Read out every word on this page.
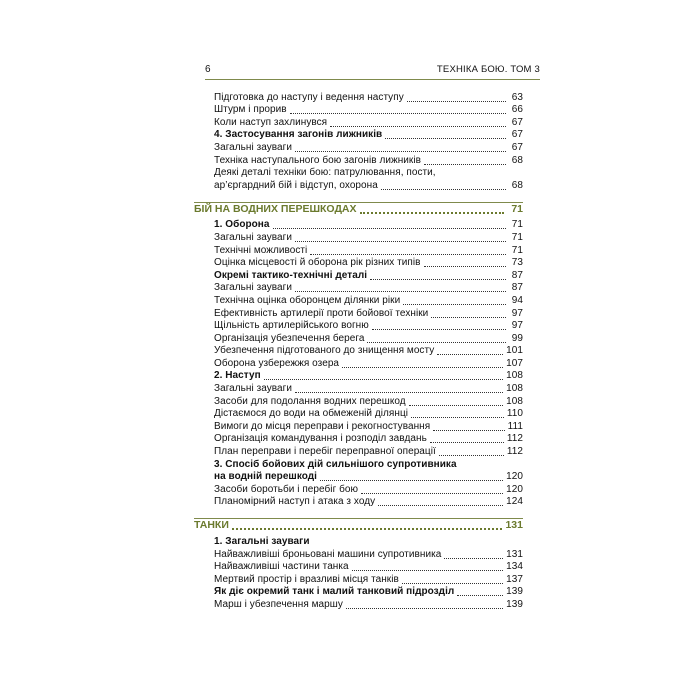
6	ТЕХНІКА БОЮ. ТОМ 3
Підготовка до наступу і ведення наступу	63
Штурм і прорив	66
Коли наступ захлинувся	67
4. Застосування загонів лижників	67
Загальні зауваги	67
Техніка наступального бою загонів лижників	68
Деякі деталі техніки бою: патрулювання, пости,
ар’єргардний бій і відступ, охорона	68
БІЙ НА ВОДНИХ ПЕРЕШКОДАХ	71
1. Оборона	71
Загальні зауваги	71
Технічні можливості	71
Оцінка місцевості й оборона рік різних типів	73
Окремі тактико-технічні деталі	87
Загальні зауваги	87
Технічна оцінка оборонцем ділянки ріки	94
Ефективність артилерії проти бойової техніки	97
Щільність артилерійського вогню	97
Організація убезпечення берега	99
Убезпечення підготованого до знищення мосту	101
Оборона узбережжя озера	107
2. Наступ	108
Загальні зауваги	108
Засоби для подолання водних перешкод	108
Дістаємося до води на обмеженій ділянці	110
Вимоги до місця переправи і рекогностування	111
Організація командування і розподіл завдань	112
План переправи і перебіг переправної операції	112
3. Спосіб бойових дій сильнішого супротивника
на водній перешкоді	120
Засоби боротьби і перебіг бою	120
Планомірний наступ і атака з ходу	124
ТАНКИ	131
1. Загальні зауваги
Найважливіші броньовані машини супротивника	131
Найважливіші частини танка	134
Мертвий простір і вразливі місця танків	137
Як діє окремий танк і малий танковий підрозділ	139
Марш і убезпечення маршу	139
